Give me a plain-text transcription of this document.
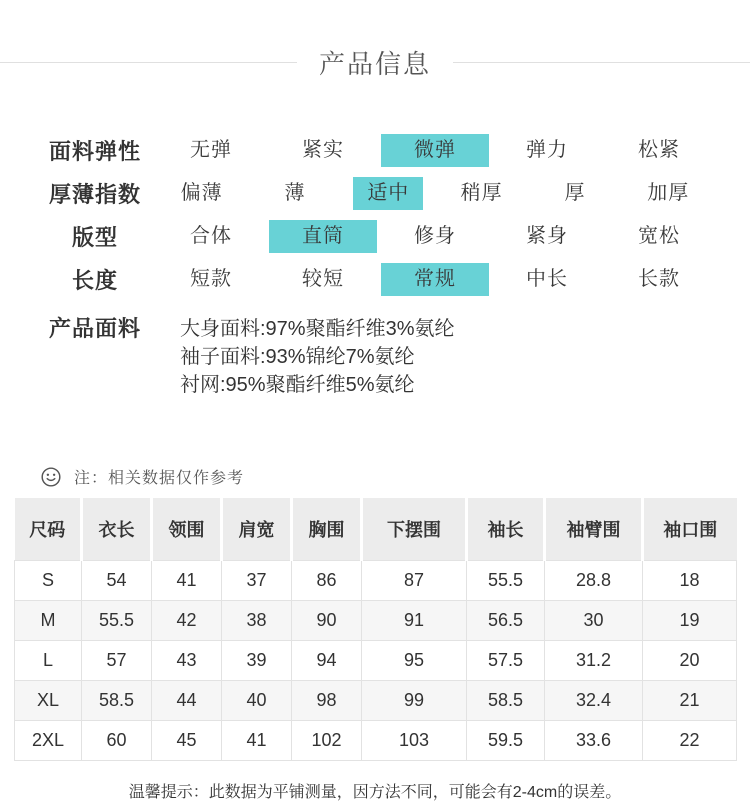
产品信息
面料弹性	无弹	紧实	微弹	弹力	松紧
厚薄指数	偏薄	薄	适中	稍厚	厚	加厚
版型	合体	直筒	修身	紧身	宽松
长度	短款	较短	常规	中长	长款
产品面料	大身面料:97%聚酯纤维3%氨纶
袖子面料:93%锦纶7%氨纶
衬网:95%聚酯纤维5%氨纶
注：相关数据仅作参考
尺码	衣长	领围	肩宽	胸围	下摆围	袖长	袖臂围	袖口围
S	54	41	37	86	87	55.5	28.8	18
M	55.5	42	38	90	91	56.5	30	19
L	57	43	39	94	95	57.5	31.2	20
XL	58.5	44	40	98	99	58.5	32.4	21
2XL	60	45	41	102	103	59.5	33.6	22
温馨提示：此数据为平铺测量，因方法不同，可能会有2-4cm的误差。
